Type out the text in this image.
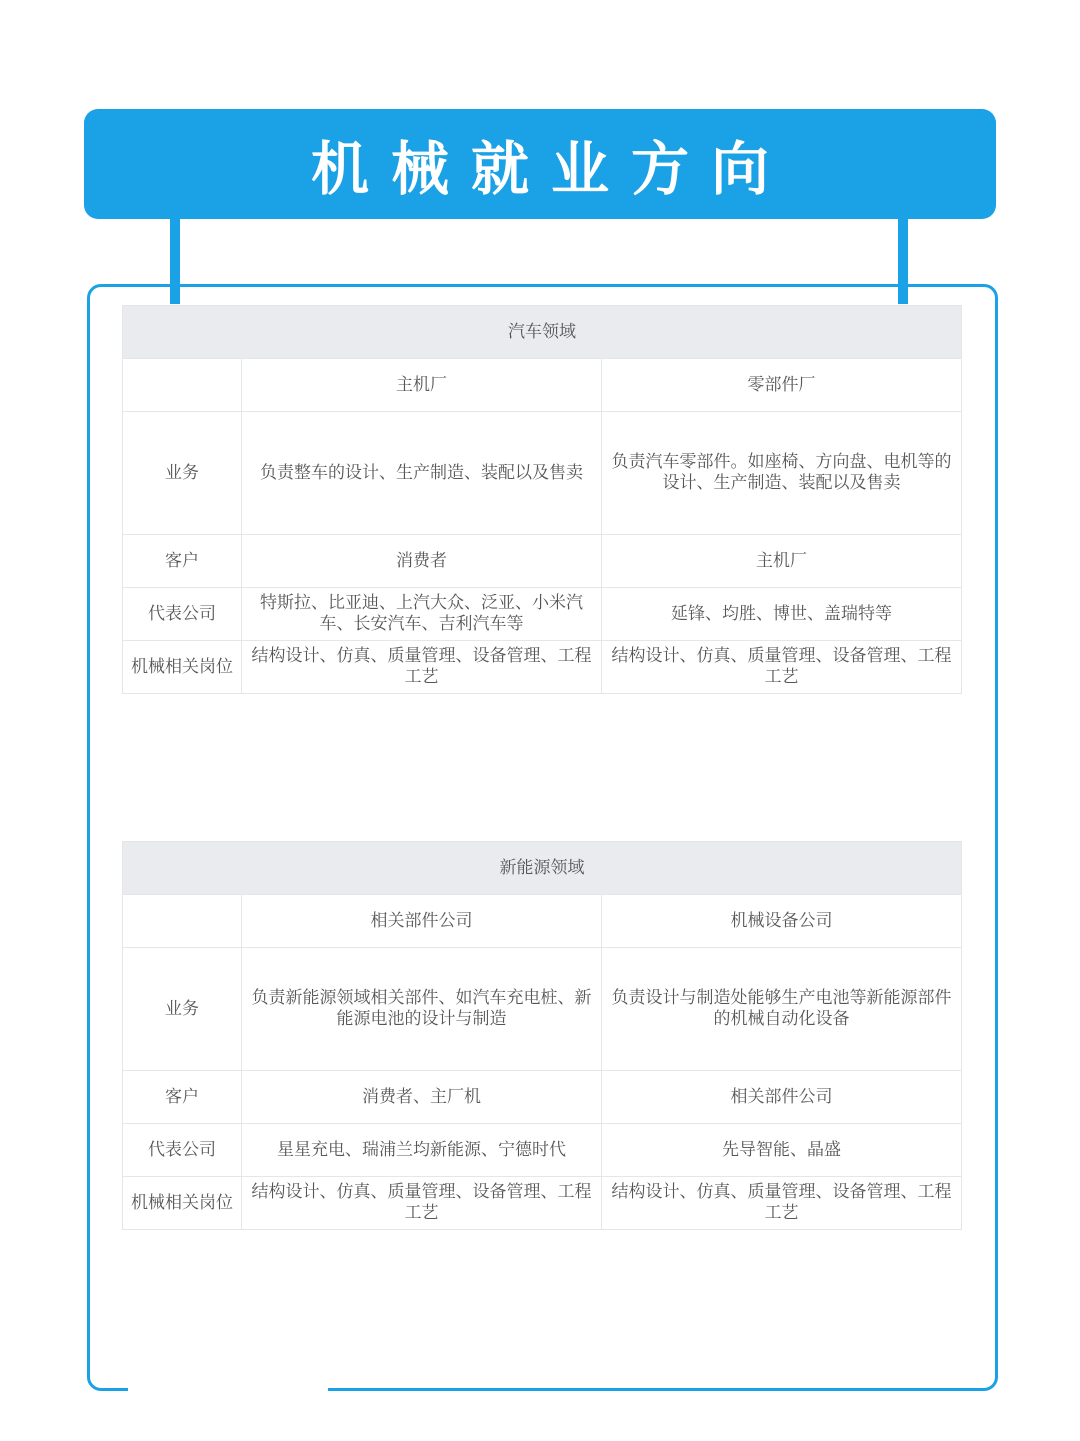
机械就业方向
汽车领域		
	主机厂	零部件厂
业务	负责整车的设计、生产制造、装配以及售卖	负责汽车零部件。如座椅、方向盘、电机等的设计、生产制造、装配以及售卖
客户	消费者	主机厂
代表公司	特斯拉、比亚迪、上汽大众、泛亚、小米汽车、长安汽车、吉利汽车等	延锋、均胜、博世、盖瑞特等
机械相关岗位	结构设计、仿真、质量管理、设备管理、工程工艺	结构设计、仿真、质量管理、设备管理、工程工艺
新能源领域		
	相关部件公司	机械设备公司
业务	负责新能源领域相关部件、如汽车充电桩、新能源电池的设计与制造	负责设计与制造处能够生产电池等新能源部件的机械自动化设备
客户	消费者、主厂机	相关部件公司
代表公司	星星充电、瑞浦兰均新能源、宁德时代	先导智能、晶盛
机械相关岗位	结构设计、仿真、质量管理、设备管理、工程工艺	结构设计、仿真、质量管理、设备管理、工程工艺
